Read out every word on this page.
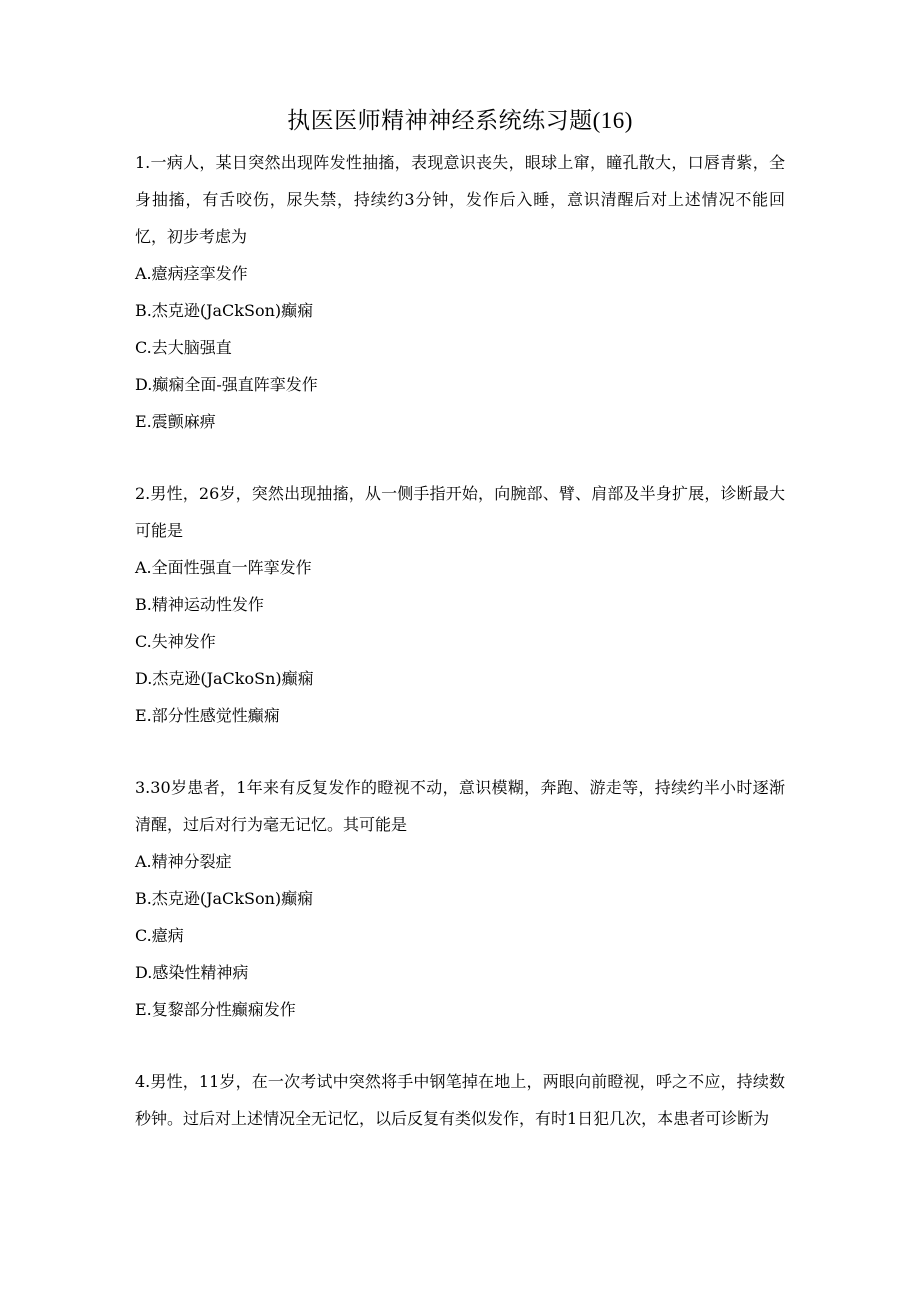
执医医师精神神经系统练习题(16)

1.一病人，某日突然出现阵发性抽搐，表现意识丧失，眼球上窜，瞳孔散大，口唇青紫，全身抽搐，有舌咬伤，尿失禁，持续约3分钟，发作后入睡，意识清醒后对上述情况不能回忆，初步考虑为

A.癔病痉挛发作

B.杰克逊(JaCkSon)癫痫

C.去大脑强直

D.癫痫全面-强直阵挛发作

E.震颤麻痹

2.男性，26岁，突然出现抽搐，从一侧手指开始，向腕部、臂、肩部及半身扩展，诊断最大可能是

A.全面性强直一阵挛发作

B.精神运动性发作

C.失神发作

D.杰克逊(JaCkoSn)癫痫

E.部分性感觉性癫痫

3.30岁患者，1年来有反复发作的瞪视不动，意识模糊，奔跑、游走等，持续约半小时逐渐清醒，过后对行为毫无记忆。其可能是

A.精神分裂症

B.杰克逊(JaCkSon)癫痫

C.癔病

D.感染性精神病

E.复黎部分性癫痫发作

4.男性，11岁，在一次考试中突然将手中钢笔掉在地上，两眼向前瞪视，呼之不应，持续数秒钟。过后对上述情况全无记忆，以后反复有类似发作，有时1日犯几次，本患者可诊断为
